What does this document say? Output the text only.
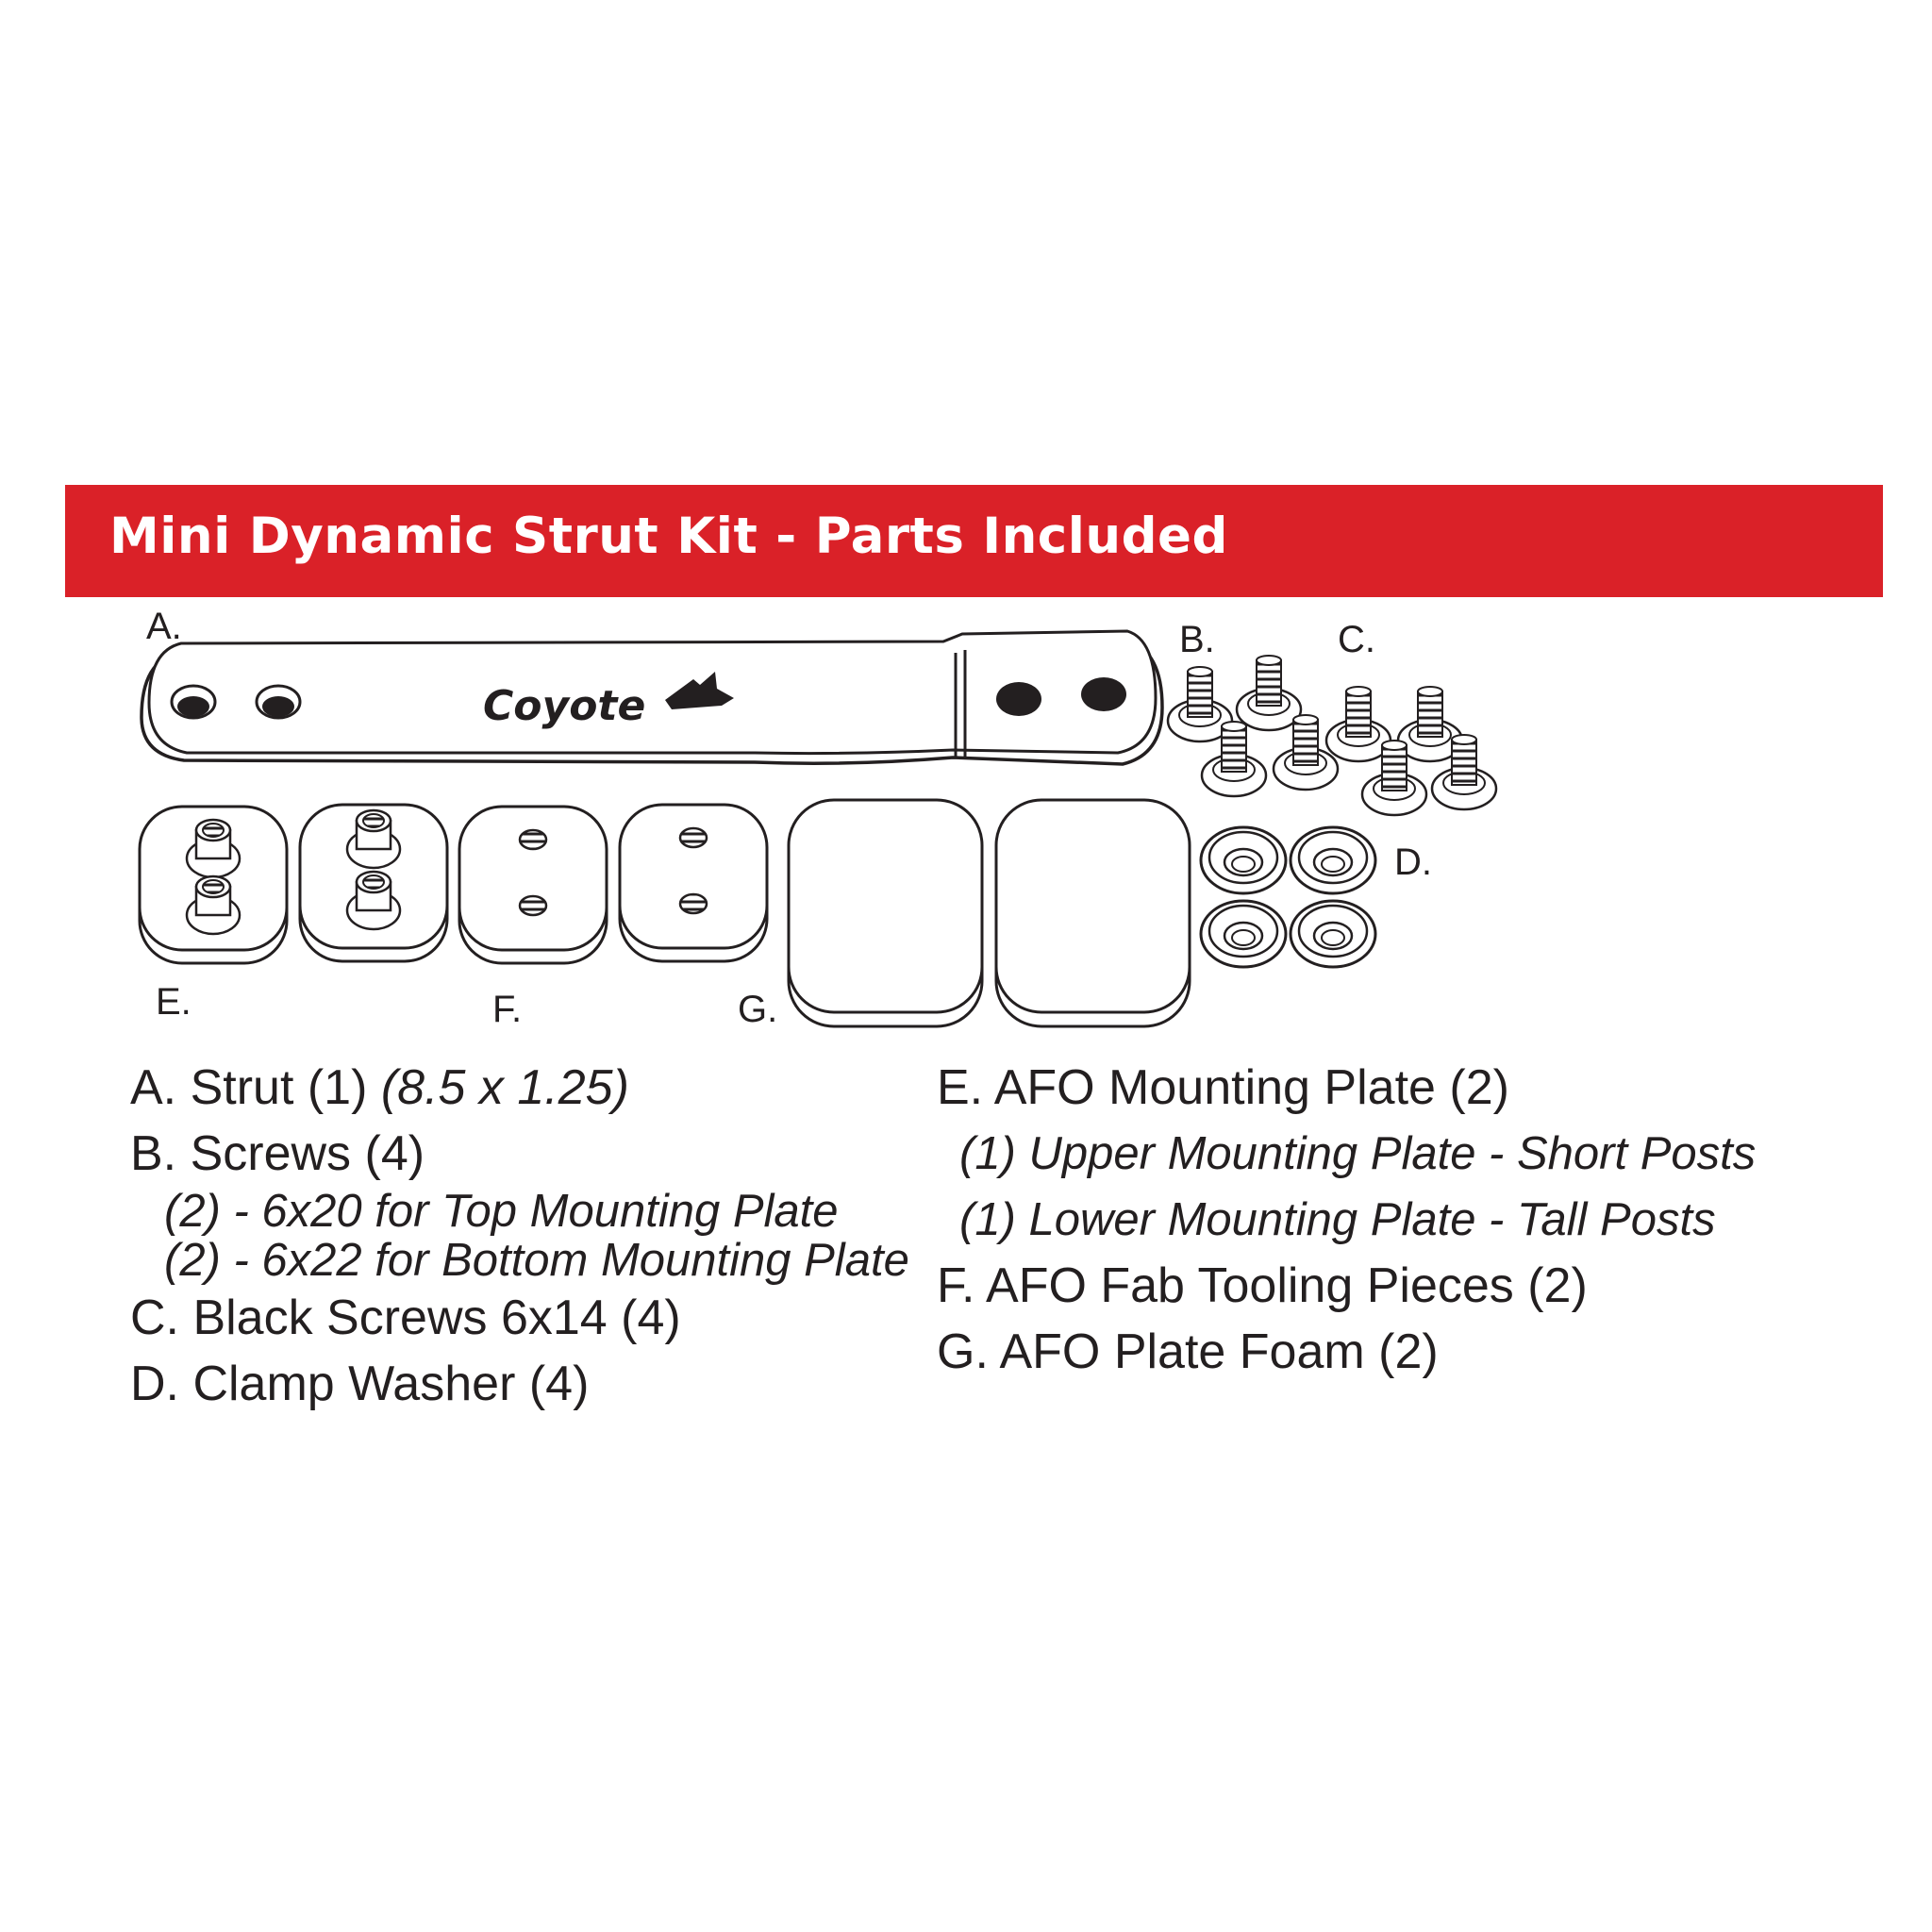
Mini Dynamic Strut Kit - Parts Included
Coyote
A.	B.	C.
D.
E.	F.	G.
A. Strut (1) (8.5 x 1.25)
B. Screws (4)
(2) - 6x20 for Top Mounting Plate
(2) - 6x22 for Bottom Mounting Plate
C. Black Screws 6x14 (4)
D. Clamp Washer (4)
E. AFO Mounting Plate (2)
(1) Upper Mounting Plate - Short Posts
(1) Lower Mounting Plate - Tall Posts
F. AFO Fab Tooling Pieces (2)
G. AFO Plate Foam (2)
